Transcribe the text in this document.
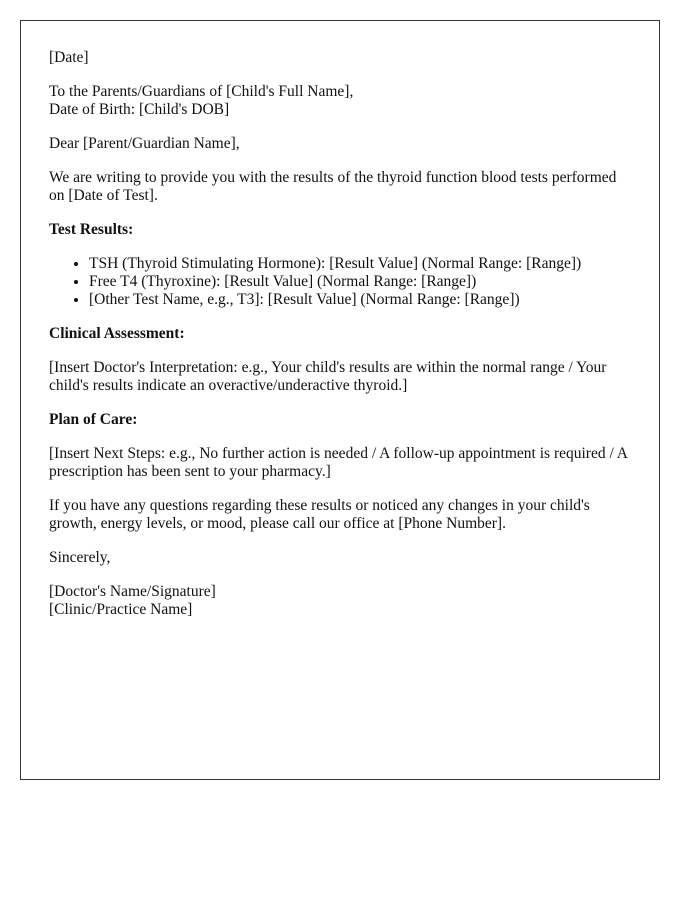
[Date]

To the Parents/Guardians of [Child's Full Name],
Date of Birth: [Child's DOB]

Dear [Parent/Guardian Name],

We are writing to provide you with the results of the thyroid function blood tests performed on [Date of Test].

Test Results:
• TSH (Thyroid Stimulating Hormone): [Result Value] (Normal Range: [Range])
• Free T4 (Thyroxine): [Result Value] (Normal Range: [Range])
• [Other Test Name, e.g., T3]: [Result Value] (Normal Range: [Range])
Clinical Assessment:

[Insert Doctor's Interpretation: e.g., Your child's results are within the normal range / Your child's results indicate an overactive/underactive thyroid.]

Plan of Care:

[Insert Next Steps: e.g., No further action is needed / A follow-up appointment is required / A prescription has been sent to your pharmacy.]

If you have any questions regarding these results or noticed any changes in your child's growth, energy levels, or mood, please call our office at [Phone Number].

Sincerely,

[Doctor's Name/Signature]
[Clinic/Practice Name]
